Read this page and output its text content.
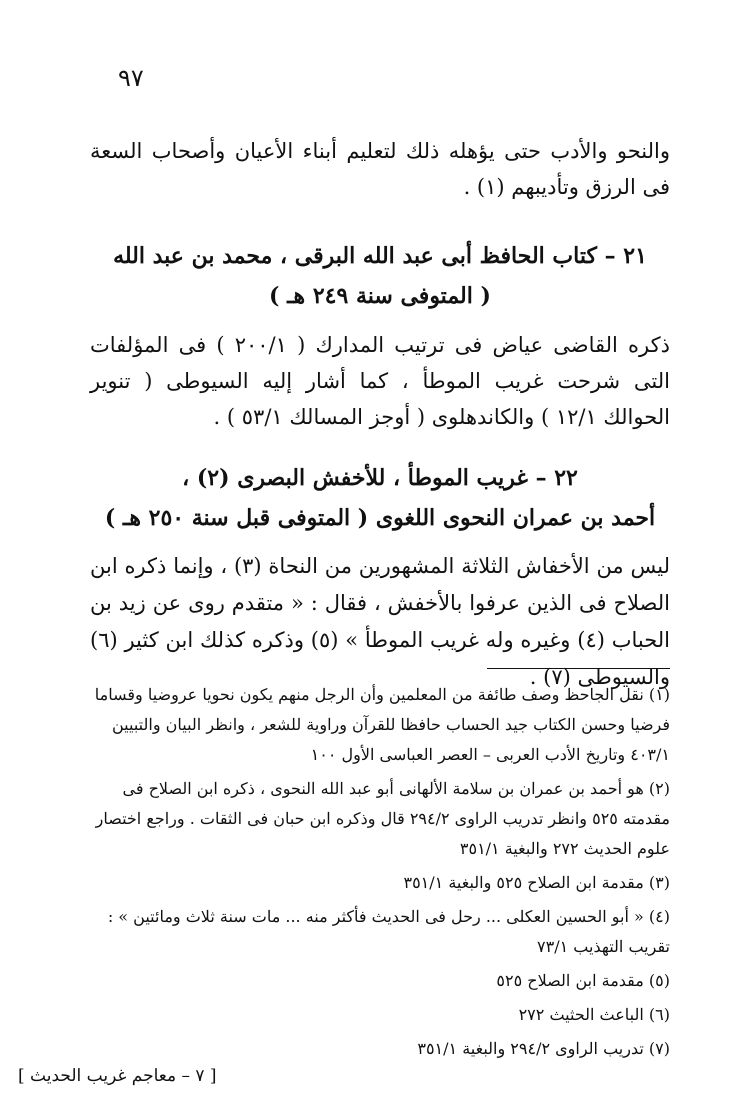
٩٧
والنحو والأدب حتى يؤهله ذلك لتعليم أبناء الأعيان وأصحاب السعة فى الرزق وتأديبهم (١) .
٢١ – كتاب الحافظ أبى عبد الله البرقى ، محمد بن عبد الله
( المتوفى سنة ٢٤٩ هـ )
ذكره القاضى عياض فى ترتيب المدارك ( ٢٠٠/١ ) فى المؤلفات التى شرحت غريب الموطأ ، كما أشار إليه السيوطى ( تنوير الحوالك ١٢/١ ) والكاندهلوى ( أوجز المسالك ٥٣/١ ) .
٢٢ – غريب الموطأ ، للأخفش البصرى (٢) ،
أحمد بن عمران النحوى اللغوى ( المتوفى قبل سنة ٢٥٠ هـ )
ليس من الأخفاش الثلاثة المشهورين من النحاة (٣) ، وإنما ذكره ابن الصلاح فى الذين عرفوا بالأخفش ، فقال : « متقدم روى عن زيد بن الحباب (٤) وغيره وله غريب الموطأ » (٥) وذكره كذلك ابن كثير (٦) والسيوطى (٧) .
(١) نقل الجاحظ وصف طائفة من المعلمين وأن الرجل منهم يكون نحويا عروضيا وقساما فرضيا وحسن الكتاب جيد الحساب حافظا للقرآن وراوية للشعر ، وانظر البيان والتبيين ٤٠٣/١ وتاريخ الأدب العربى – العصر العباسى الأول ١٠٠
(٢) هو أحمد بن عمران بن سلامة الألهانى أبو عبد الله النحوى ، ذكره ابن الصلاح فى مقدمته ٥٢٥ وانظر تدريب الراوى ٢٩٤/٢ قال وذكره ابن حبان فى الثقات . وراجع اختصار علوم الحديث ٢٧٢ والبغية ٣٥١/١
(٣) مقدمة ابن الصلاح ٥٢٥ والبغية ٣٥١/١
(٤) « أبو الحسين العكلى ... رحل فى الحديث فأكثر منه ... مات سنة ثلاث ومائتين » : تقريب التهذيب ٧٣/١
(٥) مقدمة ابن الصلاح ٥٢٥
(٦) الباعث الحثيث ٢٧٢
(٧) تدريب الراوى ٢٩٤/٢ والبغية ٣٥١/١
[ ٧ – معاجم غريب الحديث ]
